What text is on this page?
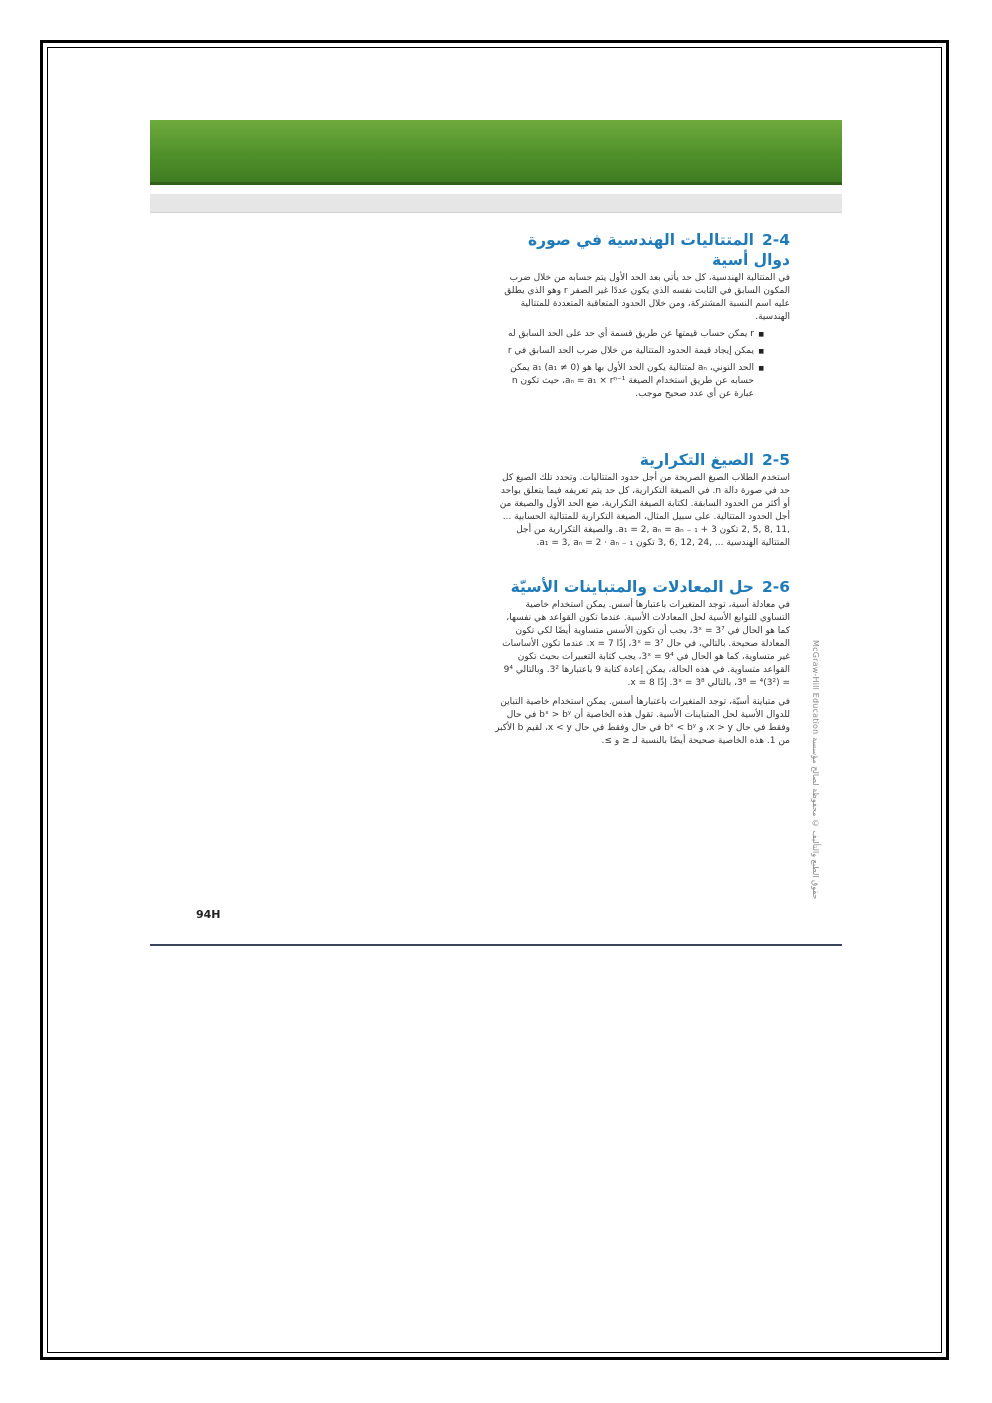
2-4المتتاليات الهندسية في صورة دوال أسية

في المتتالية الهندسية، كل حد يأتي بعد الحد الأول يتم حسابه من خلال ضرب المكون السابق في الثابت نفسه الذي يكون عددًا غير الصفر r وهو الذي يطلق عليه اسم النسبة المشتركة، ومن خلال الحدود المتعاقبة المتعددة للمتتالية الهندسية.

■ r يمكن حساب قيمتها عن طريق قسمة أي حد على الحد السابق له
■ يمكن إيجاد قيمة الحدود المتتالية من خلال ضرب الحد السابق في r
■ الحد النوني، aₙ لمتتالية يكون الحد الأول بها هو a₁ (a₁ ≠ 0) يمكن حسابه عن طريق استخدام الصيغة aₙ = a₁ × rⁿ⁻¹، حيث تكون n عبارة عن أي عدد صحيح موجب.
2-5الصيغ التكرارية

استخدم الطلاب الصيغ الصريحة من أجل حدود المتتاليات. وتحدد تلك الصيغ كل حد في صورة دالة n. في الصيغة التكرارية، كل حد يتم تعريفه فيما يتعلق بواحد أو أكثر من الحدود السابقة. لكتابة الصيغة التكرارية، ضع الحد الأول والصيغة من أجل الحدود المتتالية. على سبيل المثال، الصيغة التكرارية للمتتالية الحسابية ... ,11 ,8 ,5 ,2 تكون a₁ = 2, aₙ = aₙ ₋ ₁ + 3. والصيغة التكرارية من أجل المتتالية الهندسية ... ,24 ,12 ,6 ,3 تكون a₁ = 3, aₙ = 2 · aₙ ₋ ₁.

2-6حل المعادلات والمتباينات الأسيّة

في معادلة أسية، توجد المتغيرات باعتبارها أسس. يمكن استخدام خاصية التساوي للتوابع الأسية لحل المعادلات الأسية. عندما تكون القواعد هي نفسها، كما هو الحال في 3ˣ = 3⁷، يجب أن تكون الأسس متساوية أيضًا لكي تكون المعادلة صحيحة. بالتالي، في حال 3ˣ = 3⁷، إذًا x = 7. عندما تكون الأساسات غير متساوية، كما هو الحال في 3ˣ = 9⁴، يجب كتابة التعبيرات بحيث تكون القواعد متساوية. في هذه الحالة، يمكن إعادة كتابة 9 باعتبارها 3². وبالتالي 9⁴ = (3²)⁴ = 3⁸، بالتالي 3ˣ = 3⁸. إذًا x = 8.

في متباينة أسيّة، توجد المتغيرات باعتبارها أسس. يمكن استخدام خاصية التباين للدوال الأسية لحل المتباينات الأسية. تقول هذه الخاصية أن bˣ > bʸ في حال وفقط في حال x > y، و bˣ < bʸ في حال وفقط في حال x < y، لقيم b الأكبر من 1. هذه الخاصية صحيحة أيضًا بالنسبة لـ ≤ و ≥.

McGraw-Hill Education حقوق الطبع والتأليف © محفوظة لصالح مؤسسة
94H
